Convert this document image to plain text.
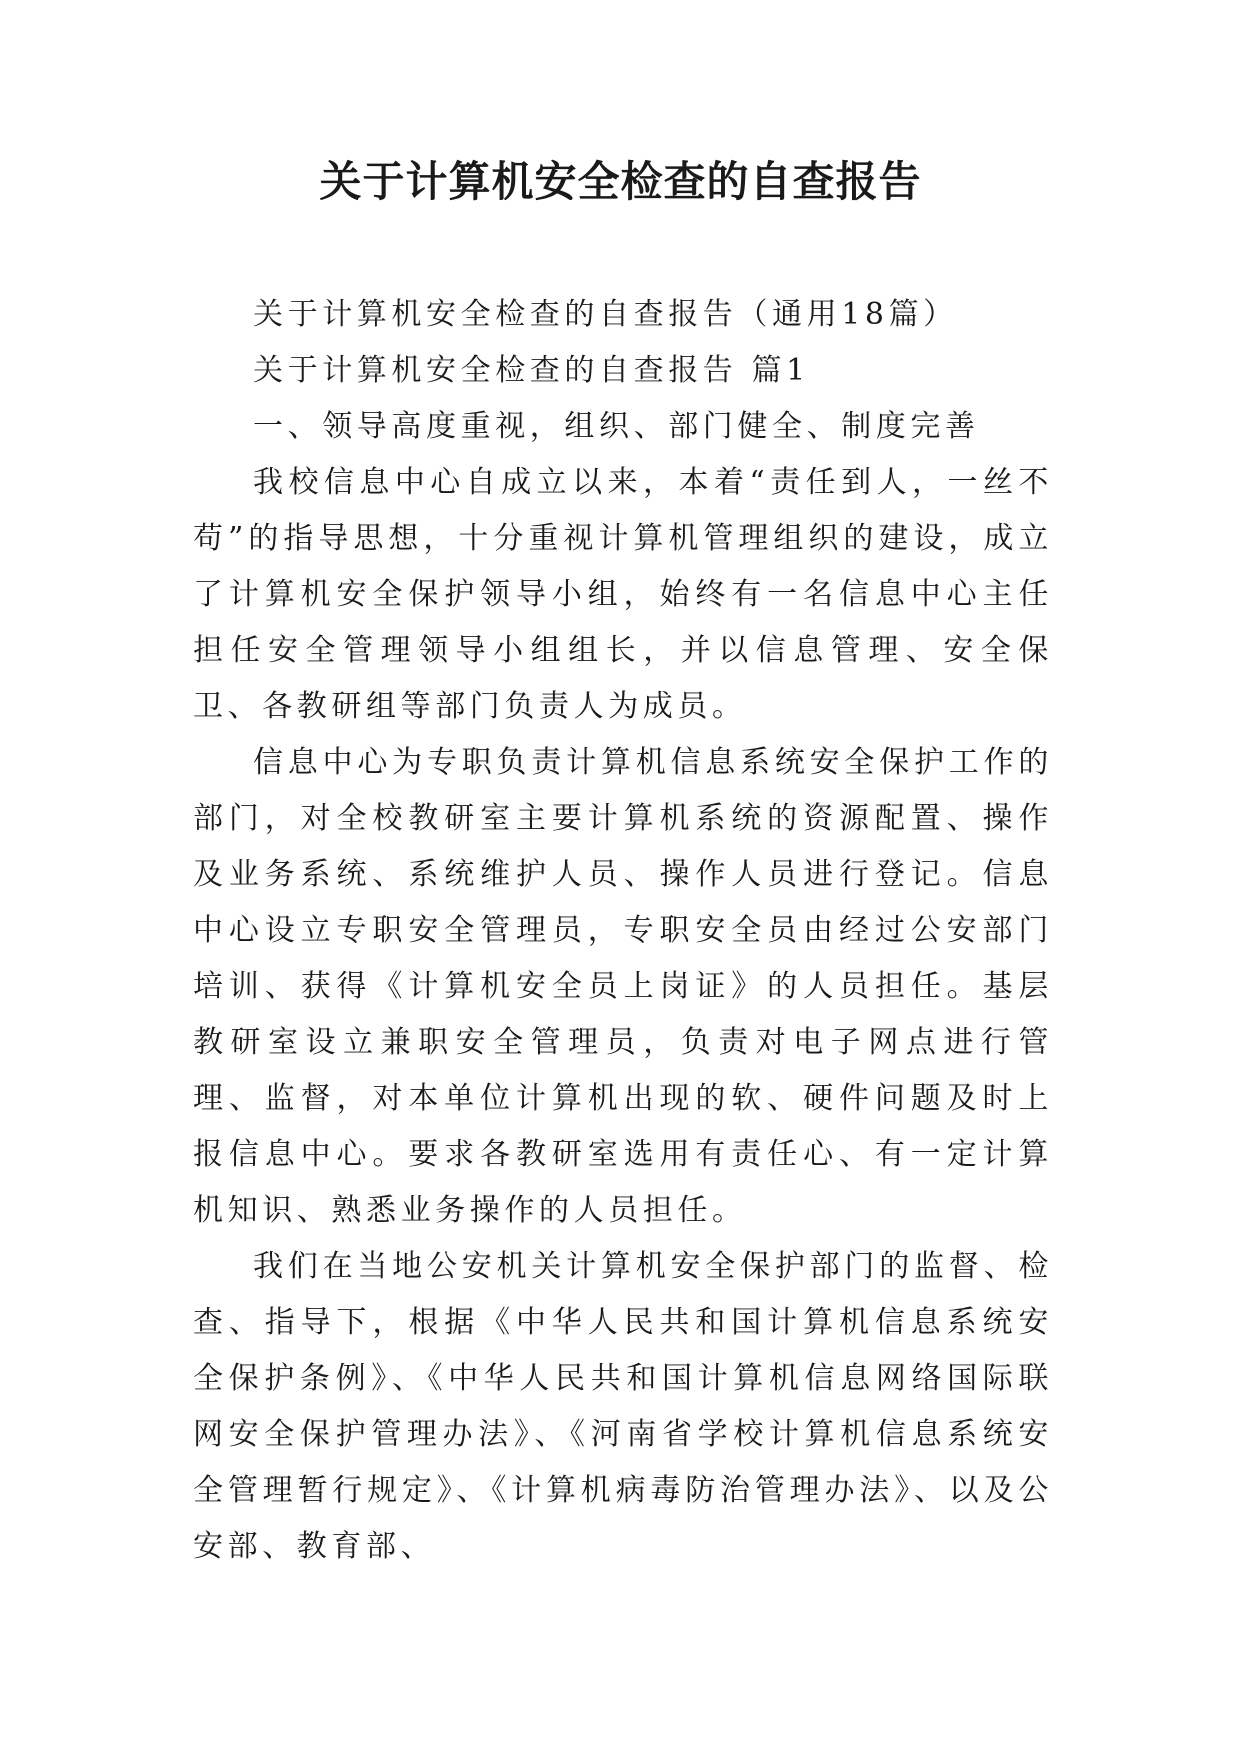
关于计算机安全检查的自查报告

关于计算机安全检查的自查报告（通用18篇）

关于计算机安全检查的自查报告 篇1

一、领导高度重视，组织、部门健全、制度完善

我校信息中心自成立以来，本着“责任到人，一丝不苟”的指导思想，十分重视计算机管理组织的建设，成立了计算机安全保护领导小组，始终有一名信息中心主任担任安全管理领导小组组长，并以信息管理、安全保卫、各教研组等部门负责人为成员。

信息中心为专职负责计算机信息系统安全保护工作的部门，对全校教研室主要计算机系统的资源配置、操作及业务系统、系统维护人员、操作人员进行登记。信息中心设立专职安全管理员，专职安全员由经过公安部门培训、获得《计算机安全员上岗证》的人员担任。基层教研室设立兼职安全管理员，负责对电子网点进行管理、监督，对本单位计算机出现的软、硬件问题及时上报信息中心。要求各教研室选用有责任心、有一定计算机知识、熟悉业务操作的人员担任。

我们在当地公安机关计算机安全保护部门的监督、检查、指导下，根据《中华人民共和国计算机信息系统安全保护条例》、《中华人民共和国计算机信息网络国际联网安全保护管理办法》、《河南省学校计算机信息系统安全管理暂行规定》、《计算机病毒防治管理办法》、以及公安部、教育部、
